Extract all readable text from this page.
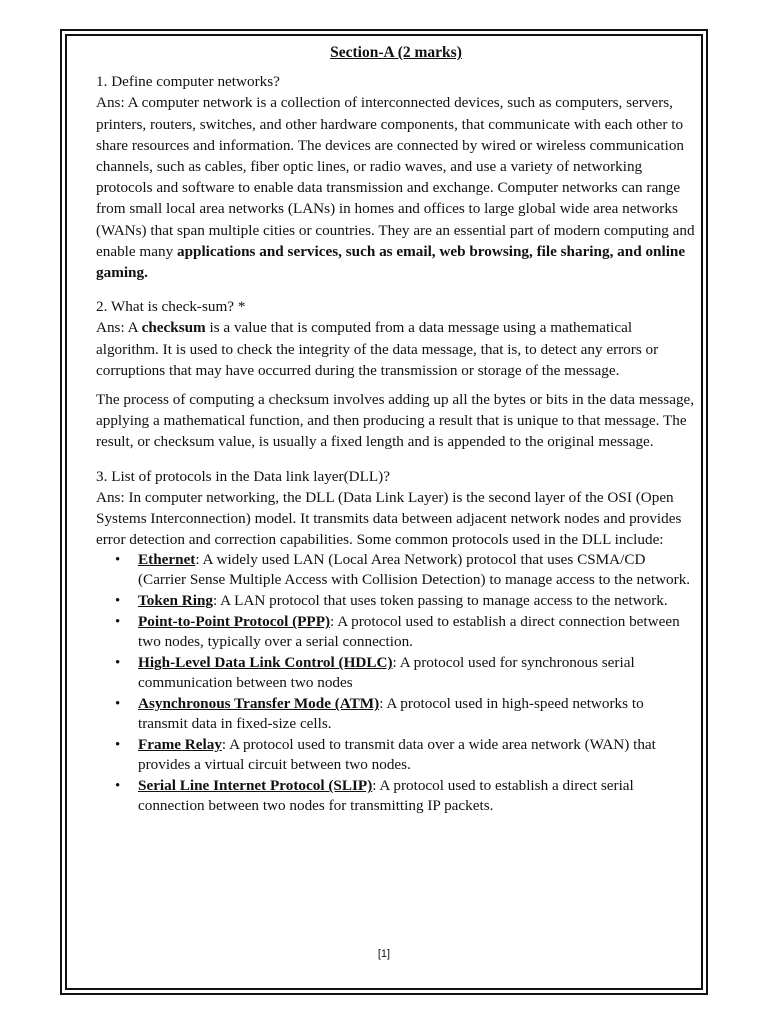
Section-A (2 marks)

1. Define computer networks?

Ans: A computer network is a collection of interconnected devices, such as computers, servers, printers, routers, switches, and other hardware components, that communicate with each other to share resources and information. The devices are connected by wired or wireless communication channels, such as cables, fiber optic lines, or radio waves, and use a variety of networking protocols and software to enable data transmission and exchange. Computer networks can range from small local area networks (LANs) in homes and offices to large global wide area networks (WANs) that span multiple cities or countries. They are an essential part of modern computing and enable many applications and services, such as email, web browsing, file sharing, and online gaming.

2. What is check-sum? *

Ans: A checksum is a value that is computed from a data message using a mathematical algorithm. It is used to check the integrity of the data message, that is, to detect any errors or corruptions that may have occurred during the transmission or storage of the message.

The process of computing a checksum involves adding up all the bytes or bits in the data message, applying a mathematical function, and then producing a result that is unique to that message. The result, or checksum value, is usually a fixed length and is appended to the original message.

3. List of protocols in the Data link layer(DLL)?

Ans: In computer networking, the DLL (Data Link Layer) is the second layer of the OSI (Open Systems Interconnection) model. It transmits data between adjacent network nodes and provides error detection and correction capabilities. Some common protocols used in the DLL include:

• Ethernet: A widely used LAN (Local Area Network) protocol that uses CSMA/CD (Carrier Sense Multiple Access with Collision Detection) to manage access to the network.
• Token Ring: A LAN protocol that uses token passing to manage access to the network.
• Point-to-Point Protocol (PPP): A protocol used to establish a direct connection between two nodes, typically over a serial connection.
• High-Level Data Link Control (HDLC): A protocol used for synchronous serial communication between two nodes
• Asynchronous Transfer Mode (ATM): A protocol used in high-speed networks to transmit data in fixed-size cells.
• Frame Relay: A protocol used to transmit data over a wide area network (WAN) that provides a virtual circuit between two nodes.
• Serial Line Internet Protocol (SLIP): A protocol used to establish a direct serial connection between two nodes for transmitting IP packets.
[1]
